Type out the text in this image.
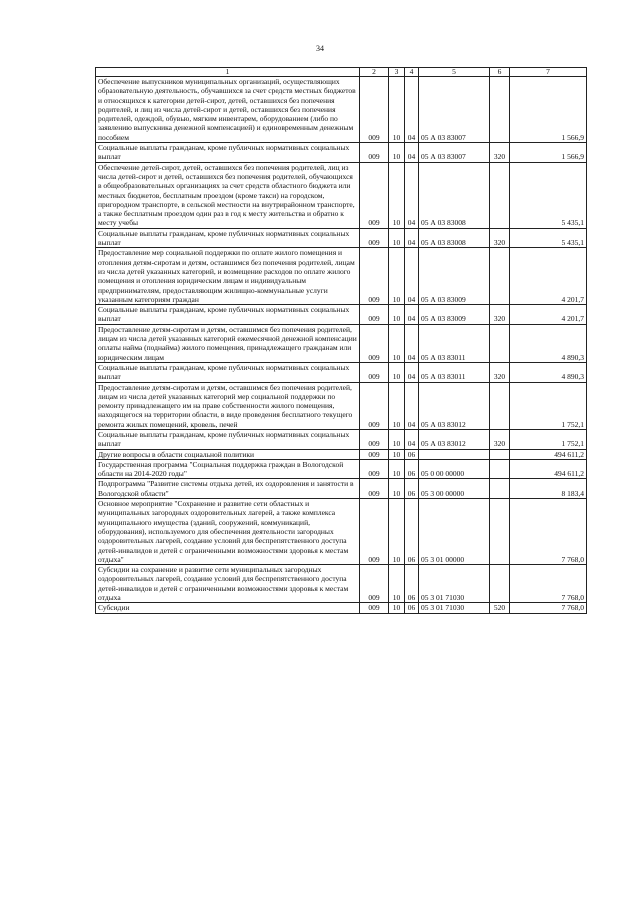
34
1	2	3	4	5	6	7
Обеспечение выпускников муниципальных организаций, осуществляющих образовательную деятельность, обучавшихся за счет средств местных бюджетов и относящихся к категории детей-сирот, детей, оставшихся без попечения родителей, и лиц из числа детей-сирот и детей, оставшихся без попечения родителей, одеждой, обувью, мягким инвентарем, оборудованием (либо по заявлению выпускника денежной компенсацией) и единовременным денежным пособием	009	10	04	05 А 03 83007		1 566,9
Социальные выплаты гражданам, кроме публичных нормативных социальных выплат	009	10	04	05 А 03 83007	320	1 566,9
Обеспечение детей-сирот, детей, оставшихся без попечения родителей, лиц из числа детей-сирот и детей, оставшихся без попечения родителей, обучающихся в общеобразовательных организациях за счет средств областного бюджета или местных бюджетов, бесплатным проездом (кроме такси) на городском, пригородном транспорте, в сельской местности на внутрирайонном транспорте, а также бесплатным проездом один раз в год к месту жительства и обратно к месту учебы	009	10	04	05 А 03 83008		5 435,1
Социальные выплаты гражданам, кроме публичных нормативных социальных выплат	009	10	04	05 А 03 83008	320	5 435,1
Предоставление мер социальной поддержки по оплате жилого помещения и отопления детям-сиротам и детям, оставшимся без попечения родителей, лицам из числа детей указанных категорий, и возмещение расходов по оплате жилого помещения и отопления юридическим лицам и индивидуальным предпринимателям, предоставляющим жилищно-коммунальные услуги указанным категориям граждан	009	10	04	05 А 03 83009		4 201,7
Социальные выплаты гражданам, кроме публичных нормативных социальных выплат	009	10	04	05 А 03 83009	320	4 201,7
Предоставление детям-сиротам и детям, оставшимся без попечения родителей, лицам из числа детей указанных категорий ежемесячной денежной компенсации оплаты найма (поднайма) жилого помещения, принадлежащего гражданам или юридическим лицам	009	10	04	05 А 03 83011		4 890,3
Социальные выплаты гражданам, кроме публичных нормативных социальных выплат	009	10	04	05 А 03 83011	320	4 890,3
Предоставление детям-сиротам и детям, оставшимся без попечения родителей, лицам из числа детей указанных категорий мер социальной поддержки по ремонту принадлежащего им на праве собственности жилого помещения, находящегося на территории области, в виде проведения бесплатного текущего ремонта жилых помещений, кровель, печей	009	10	04	05 А 03 83012		1 752,1
Социальные выплаты гражданам, кроме публичных нормативных социальных выплат	009	10	04	05 А 03 83012	320	1 752,1
Другие вопросы в области социальной политики	009	10	06			494 611,2
Государственная программа "Социальная поддержка граждан в Вологодской области на 2014-2020 годы"	009	10	06	05 0 00 00000		494 611,2
Подпрограмма "Развитие системы отдыха детей, их оздоровления и занятости в Вологодской области"	009	10	06	05 3 00 00000		8 183,4
Основное мероприятие "Сохранение и развитие сети областных и муниципальных загородных оздоровительных лагерей, а также комплекса муниципального имущества (зданий, сооружений, коммуникаций, оборудования), используемого для обеспечения деятельности загородных оздоровительных лагерей, создание условий для беспрепятственного доступа детей-инвалидов и детей с ограниченными возможностями здоровья к местам отдыха"	009	10	06	05 3 01 00000		7 768,0
Субсидии на сохранение и развитие сети муниципальных загородных оздоровительных лагерей, создание условий для беспрепятственного доступа детей-инвалидов и детей с ограниченными возможностями здоровья к местам отдыха	009	10	06	05 3 01 71030		7 768,0
Субсидии	009	10	06	05 3 01 71030	520	7 768,0
